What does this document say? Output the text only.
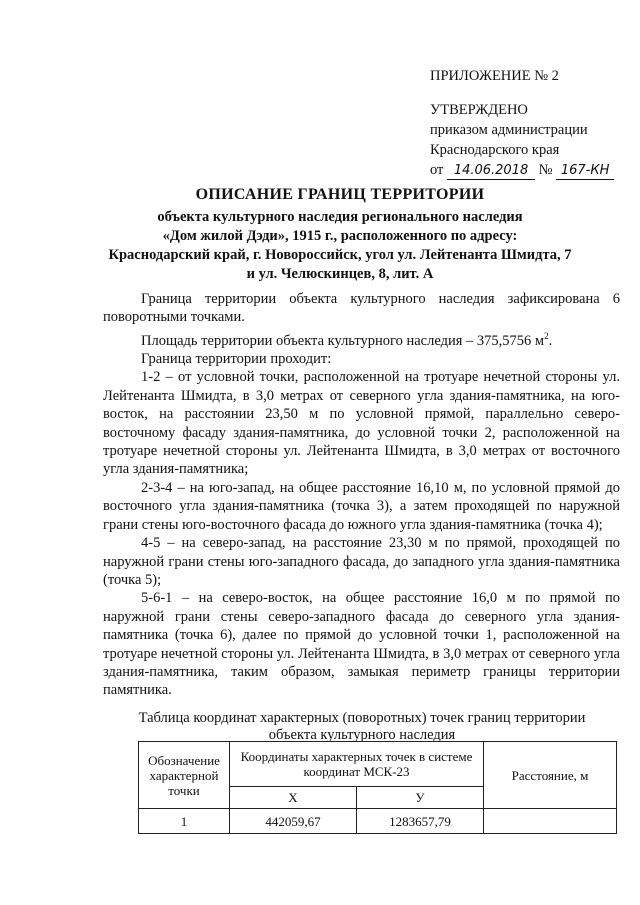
ПРИЛОЖЕНИЕ № 2
УТВЕРЖДЕНО
приказом администрации
Краснодарского края
от 14.06.2018 № 167-КН
ОПИСАНИЕ ГРАНИЦ ТЕРРИТОРИИ
объекта культурного наследия регионального наследия
«Дом жилой Дэди», 1915 г., расположенного по адресу:
Краснодарский край, г. Новороссийск, угол ул. Лейтенанта Шмидта, 7
и ул. Челюскинцев, 8, лит. А

Граница территории объекта культурного наследия зафиксирована 6 поворотными точками.

Площадь территории объекта культурного наследия – 375,5756 $м^2$.

Граница территории проходит:

1-2 – от условной точки, расположенной на тротуаре нечетной стороны ул. Лейтенанта Шмидта, в 3,0 метрах от северного угла здания-памятника, на юго-восток, на расстоянии 23,50 м по условной прямой, параллельно северо-восточному фасаду здания-памятника, до условной точки 2, расположенной на тротуаре нечетной стороны ул. Лейтенанта Шмидта, в 3,0 метрах от восточного угла здания-памятника;

2-3-4 – на юго-запад, на общее расстояние 16,10 м, по условной прямой до восточного угла здания-памятника (точка 3), а затем проходящей по наружной грани стены юго-восточного фасада до южного угла здания-памятника (точка 4);

4-5 – на северо-запад, на расстояние 23,30 м по прямой, проходящей по наружной грани стены юго-западного фасада, до западного угла здания-памятника (точка 5);

5-6-1 – на северо-восток, на общее расстояние 16,0 м по прямой по наружной грани стены северо-западного фасада до северного угла здания-памятника (точка 6), далее по прямой до условной точки 1, расположенной на тротуаре нечетной стороны ул. Лейтенанта Шмидта, в 3,0 метрах от северного угла здания-памятника, таким образом, замыкая периметр границы территории памятника.

Таблица координат характерных (поворотных) точек границ территории
объекта культурного наследия
Обозначение характерной точки	Координаты характерных точек в системе координат МСК-23		Расстояние, м
	Х	У	
1	442059,67	1283657,79	
